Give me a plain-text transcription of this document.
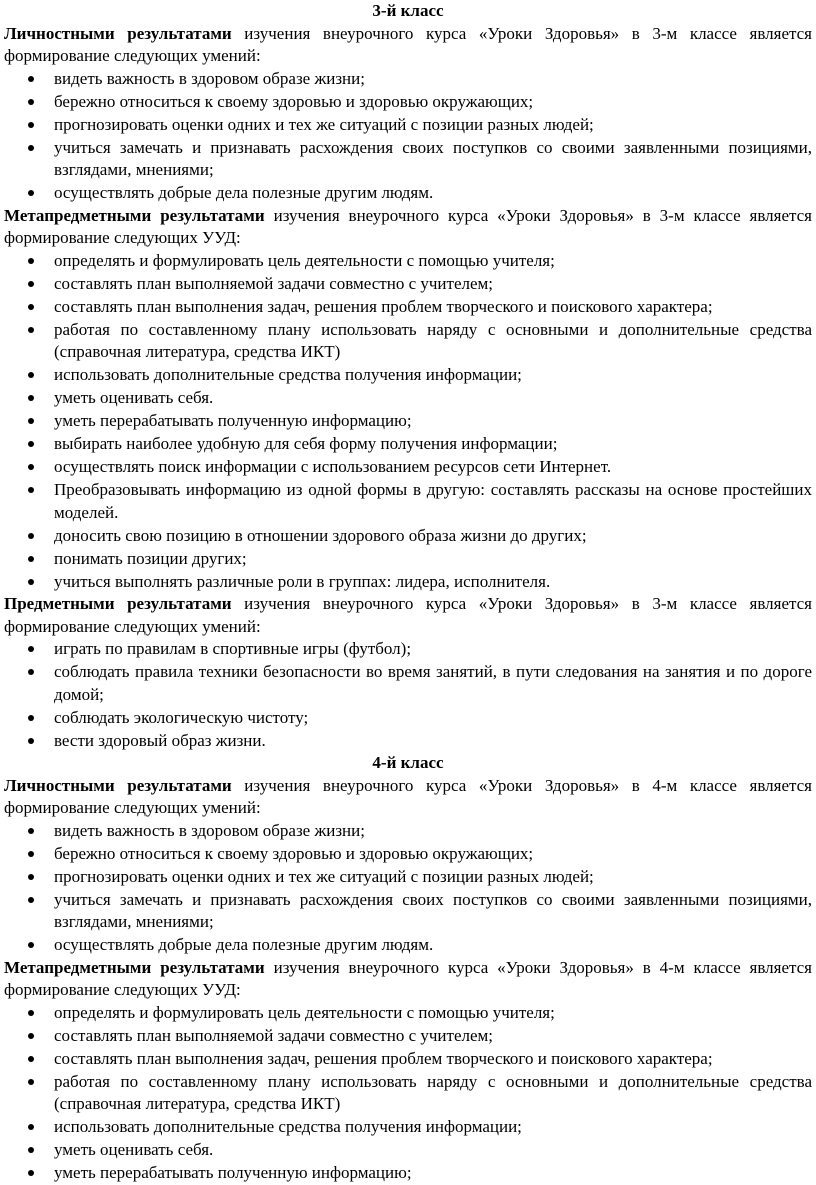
3-й класс

Личностными результатами изучения внеурочного курса «Уроки Здоровья» в 3-м классе является формирование следующих умений:

видеть важность в здоровом образе жизни;
бережно относиться к своему здоровью и здоровью окружающих;
прогнозировать оценки одних и тех же ситуаций с позиции разных людей;
учиться замечать и признавать расхождения своих поступков со своими заявленными позициями, взглядами, мнениями;
осуществлять добрые дела полезные другим людям.

Метапредметными результатами изучения внеурочного курса «Уроки Здоровья» в 3-м классе является формирование следующих УУД:

определять и формулировать цель деятельности с помощью учителя;
составлять план выполняемой задачи совместно с учителем;
составлять план выполнения задач, решения проблем творческого и поискового характера;
работая по составленному плану использовать наряду с основными и дополнительные средства (справочная литература, средства ИКТ)
использовать дополнительные средства получения информации;
уметь оценивать себя.
уметь перерабатывать полученную информацию;
выбирать наиболее удобную для себя форму получения информации;
осуществлять поиск информации с использованием ресурсов сети Интернет.
Преобразовывать информацию из одной формы в другую: составлять рассказы на основе простейших моделей.
доносить свою позицию в отношении здорового образа жизни до других;
понимать позиции других;
учиться выполнять различные роли в группах: лидера, исполнителя.

Предметными результатами изучения внеурочного курса «Уроки Здоровья» в 3-м классе является формирование следующих умений:

играть по правилам в спортивные игры (футбол);
соблюдать правила техники безопасности во время занятий, в пути следования на занятия и по дороге домой;
соблюдать экологическую чистоту;
вести здоровый образ жизни.

4-й класс

Личностными результатами изучения внеурочного курса «Уроки Здоровья» в 4-м классе является формирование следующих умений:

видеть важность в здоровом образе жизни;
бережно относиться к своему здоровью и здоровью окружающих;
прогнозировать оценки одних и тех же ситуаций с позиции разных людей;
учиться замечать и признавать расхождения своих поступков со своими заявленными позициями, взглядами, мнениями;
осуществлять добрые дела полезные другим людям.

Метапредметными результатами изучения внеурочного курса «Уроки Здоровья» в 4-м классе является формирование следующих УУД:

определять и формулировать цель деятельности с помощью учителя;
составлять план выполняемой задачи совместно с учителем;
составлять план выполнения задач, решения проблем творческого и поискового характера;
работая по составленному плану использовать наряду с основными и дополнительные средства (справочная литература, средства ИКТ)
использовать дополнительные средства получения информации;
уметь оценивать себя.
уметь перерабатывать полученную информацию;
